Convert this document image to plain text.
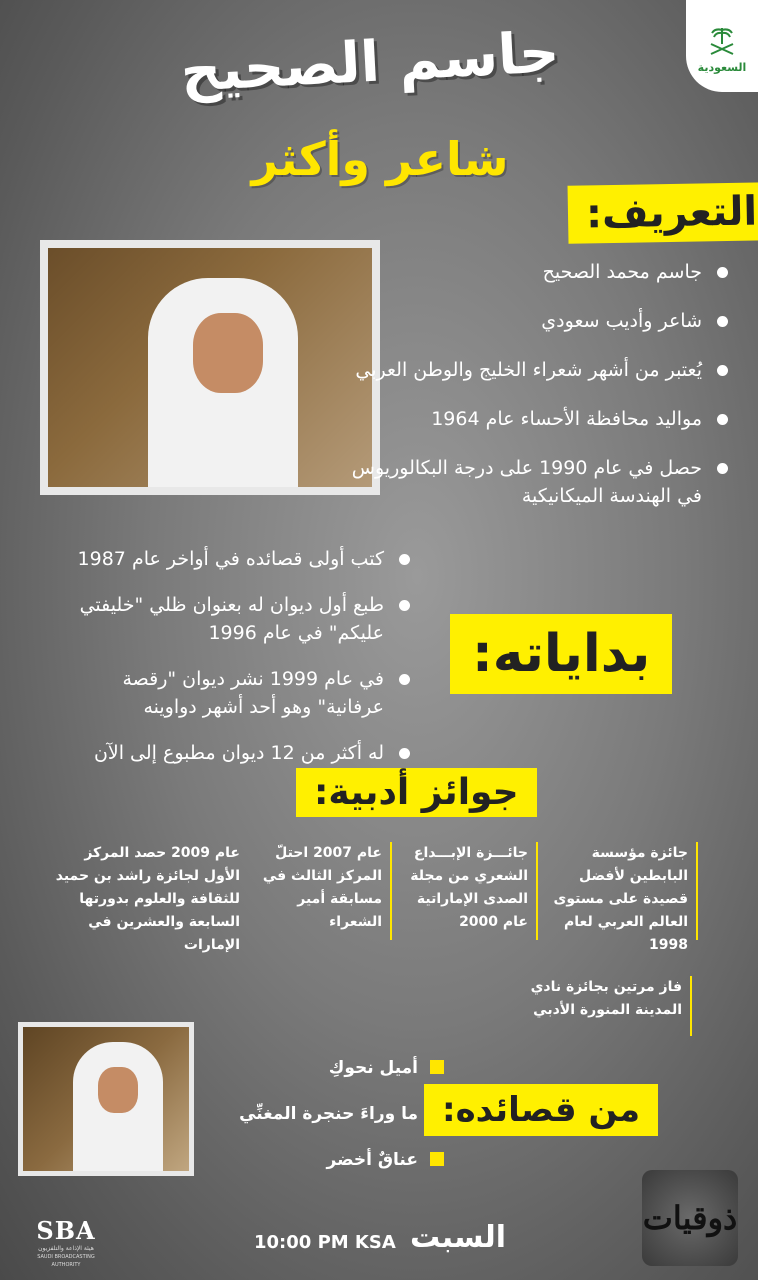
السعودية
جاسم الصحيح
شاعر وأكثر
التعريف:
جاسم محمد الصحيح
شاعر وأديب سعودي
يُعتبر من أشهر شعراء الخليج والوطن العربي
مواليد محافظة الأحساء عام 1964
حصل في عام 1990 على درجة البكالوريوس في الهندسة الميكانيكية
كتب أولى قصائده في أواخر عام 1987
طبع أول ديوان له بعنوان ظلي "خليفتي عليكم" في عام 1996
في عام 1999 نشر ديوان "رقصة عرفانية" وهو أحد أشهر دواوينه
له أكثر من 12 ديوان مطبوع إلى الآن
بداياته:
جوائز أدبية:
جائزة مؤسسة البابطين لأفضل قصيدة على مستوى العالم العربي لعام 1998
جائـــزة الإبـــداع الشعري من مجلة الصدى الإماراتية عام 2000
عام 2007 احتلّ المركز الثالث في مسابقة أمير الشعراء
عام 2009 حصد المركز الأول لجائزة راشد بن حميد للثقافة والعلوم بدورتها السابعة والعشرين في الإمارات
فاز مرتين بجائزة نادي المدينة المنورة الأدبي
أميل نحوكِ
ما وراءَ حنجرة المغنِّي
عناقٌ أخضر
من قصائده:
SBA
هيئة الإذاعة والتلفزيون
SAUDI BROADCASTING AUTHORITY
السبت
10:00 PM KSA
ذوقيات
